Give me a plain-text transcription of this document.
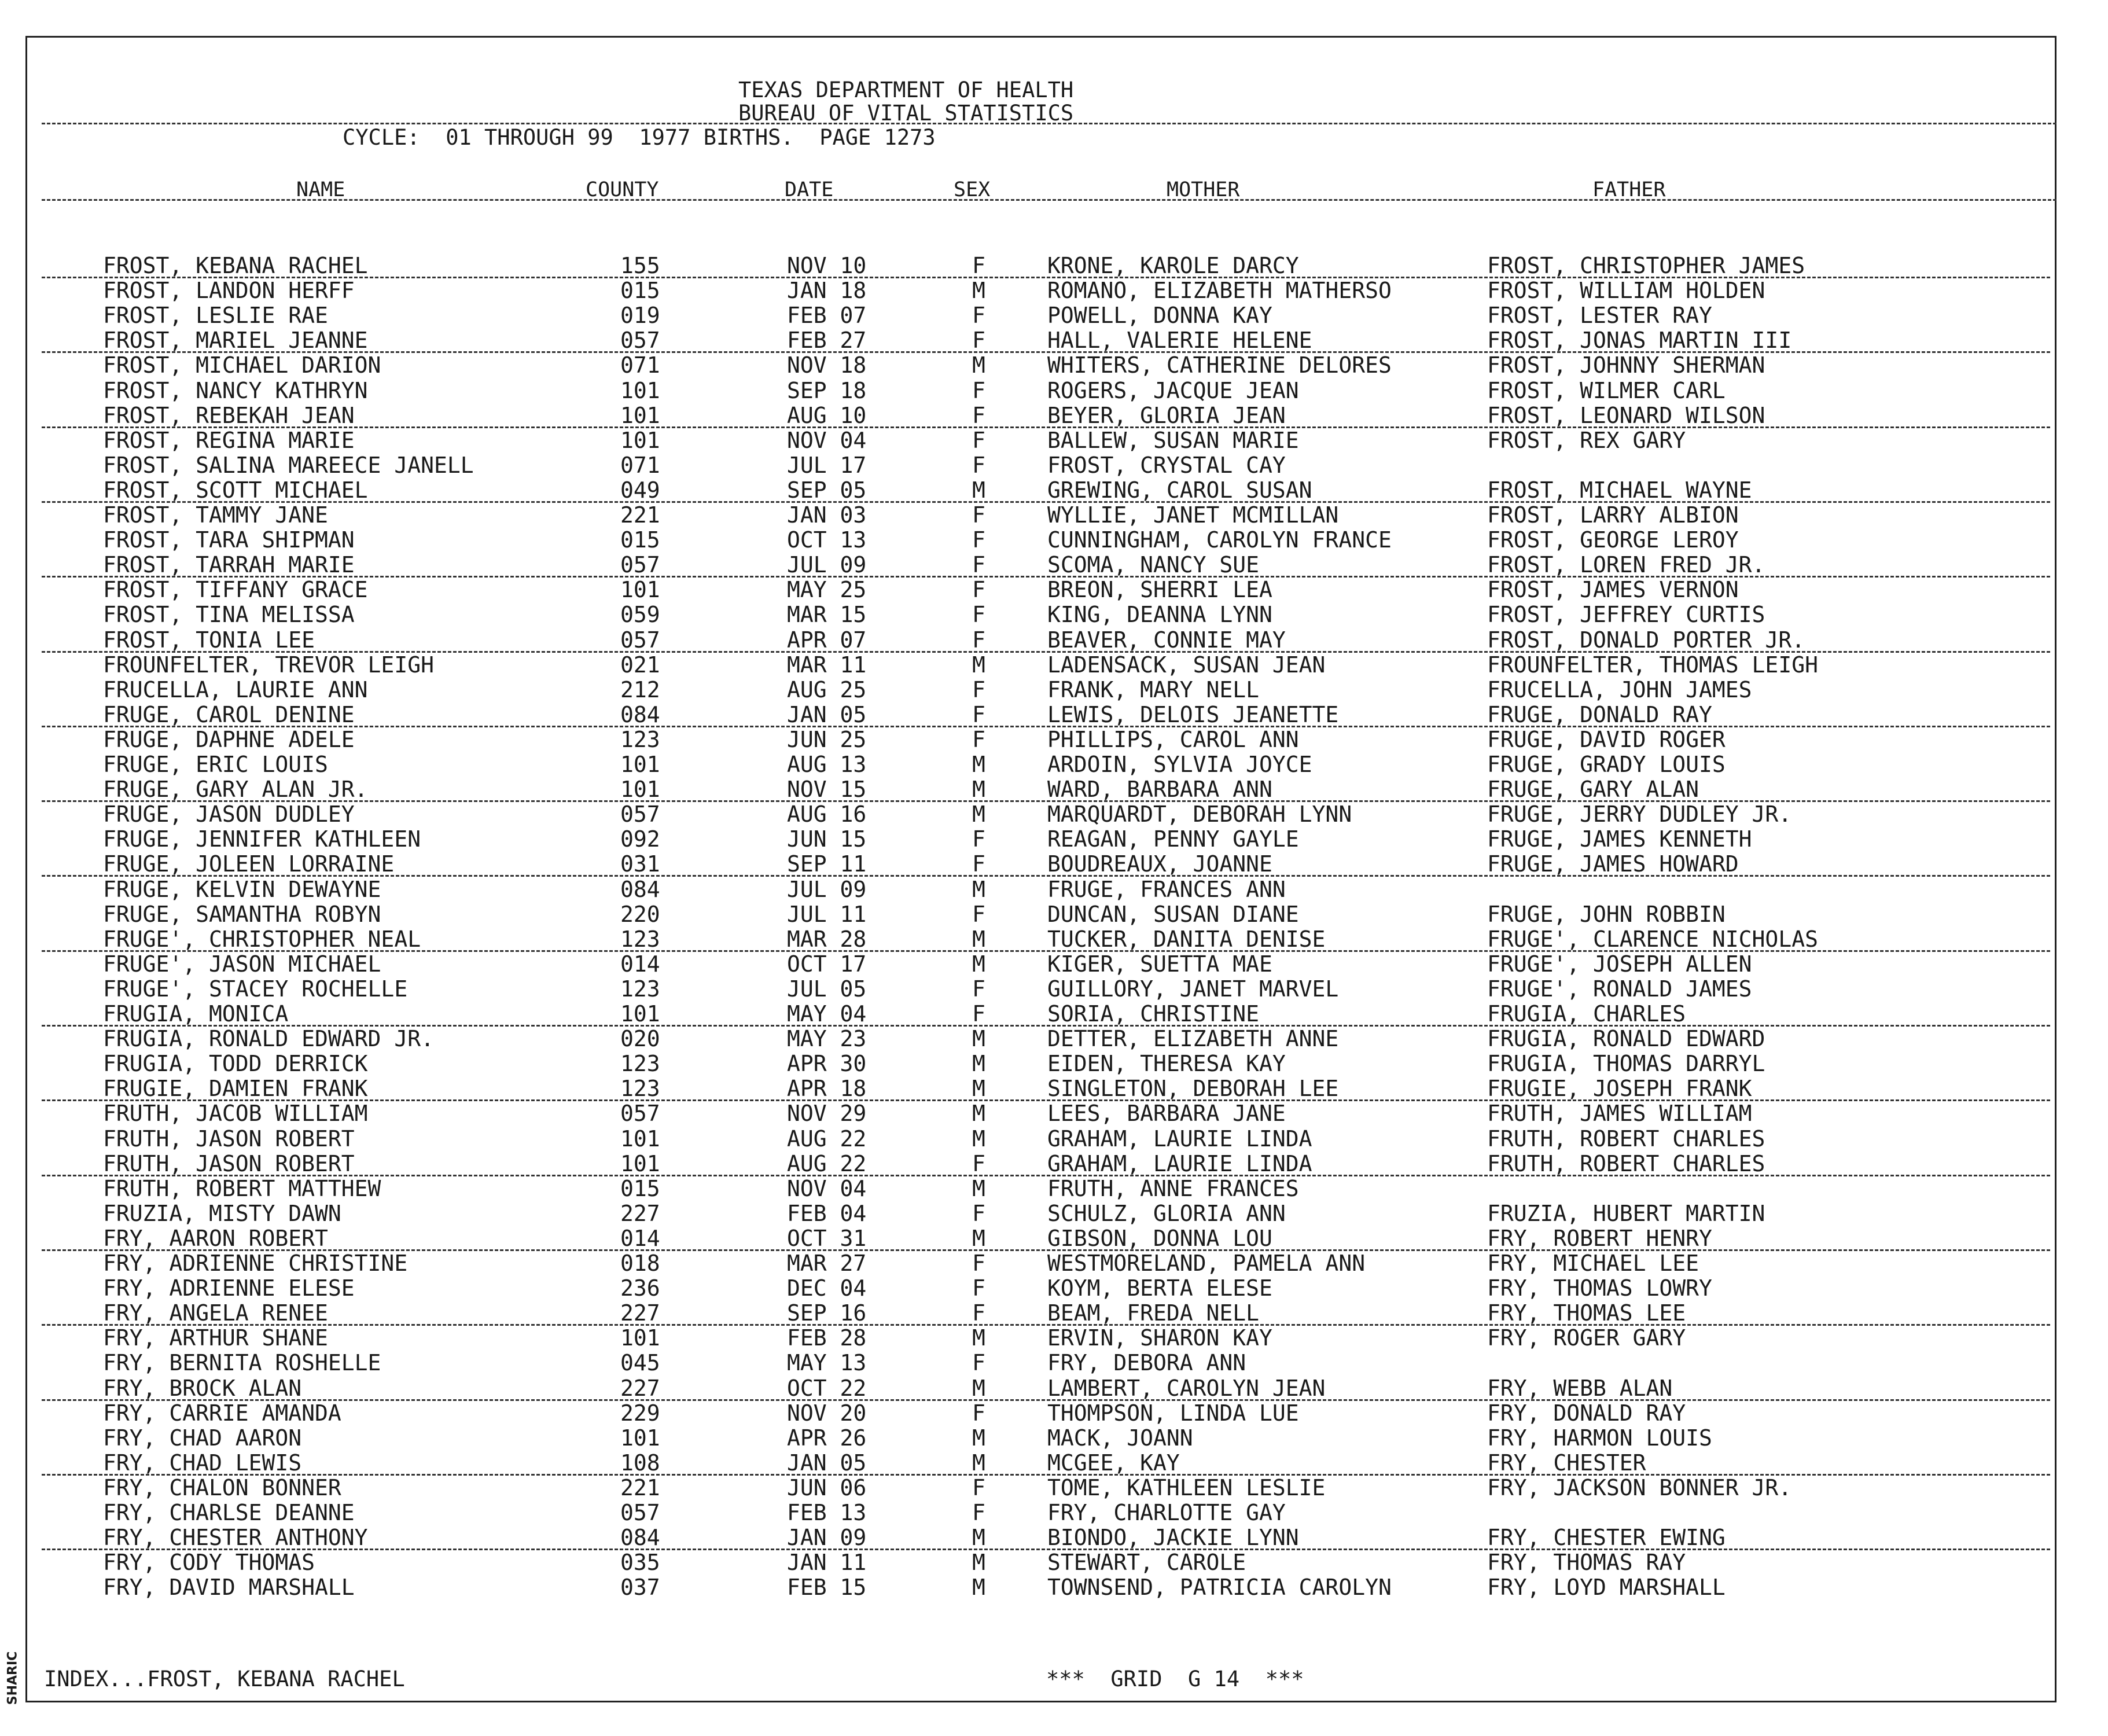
SHARIC
TEXAS DEPARTMENT OF HEALTH
BUREAU OF VITAL STATISTICS
CYCLE:  01 THROUGH 99  1977 BIRTHS.  PAGE 1273
NAME	COUNTY	DATE	SEX	MOTHER	FATHER
FROST, KEBANA RACHEL	155	NOV 10	F	KRONE, KAROLE DARCY	FROST, CHRISTOPHER JAMES
FROST, LANDON HERFF	015	JAN 18	M	ROMANO, ELIZABETH MATHERSO	FROST, WILLIAM HOLDEN
FROST, LESLIE RAE	019	FEB 07	F	POWELL, DONNA KAY	FROST, LESTER RAY
FROST, MARIEL JEANNE	057	FEB 27	F	HALL, VALERIE HELENE	FROST, JONAS MARTIN III
FROST, MICHAEL DARION	071	NOV 18	M	WHITERS, CATHERINE DELORES	FROST, JOHNNY SHERMAN
FROST, NANCY KATHRYN	101	SEP 18	F	ROGERS, JACQUE JEAN	FROST, WILMER CARL
FROST, REBEKAH JEAN	101	AUG 10	F	BEYER, GLORIA JEAN	FROST, LEONARD WILSON
FROST, REGINA MARIE	101	NOV 04	F	BALLEW, SUSAN MARIE	FROST, REX GARY
FROST, SALINA MAREECE JANELL	071	JUL 17	F	FROST, CRYSTAL CAY
FROST, SCOTT MICHAEL	049	SEP 05	M	GREWING, CAROL SUSAN	FROST, MICHAEL WAYNE
FROST, TAMMY JANE	221	JAN 03	F	WYLLIE, JANET MCMILLAN	FROST, LARRY ALBION
FROST, TARA SHIPMAN	015	OCT 13	F	CUNNINGHAM, CAROLYN FRANCE	FROST, GEORGE LEROY
FROST, TARRAH MARIE	057	JUL 09	F	SCOMA, NANCY SUE	FROST, LOREN FRED JR.
FROST, TIFFANY GRACE	101	MAY 25	F	BREON, SHERRI LEA	FROST, JAMES VERNON
FROST, TINA MELISSA	059	MAR 15	F	KING, DEANNA LYNN	FROST, JEFFREY CURTIS
FROST, TONIA LEE	057	APR 07	F	BEAVER, CONNIE MAY	FROST, DONALD PORTER JR.
FROUNFELTER, TREVOR LEIGH	021	MAR 11	M	LADENSACK, SUSAN JEAN	FROUNFELTER, THOMAS LEIGH
FRUCELLA, LAURIE ANN	212	AUG 25	F	FRANK, MARY NELL	FRUCELLA, JOHN JAMES
FRUGE, CAROL DENINE	084	JAN 05	F	LEWIS, DELOIS JEANETTE	FRUGE, DONALD RAY
FRUGE, DAPHNE ADELE	123	JUN 25	F	PHILLIPS, CAROL ANN	FRUGE, DAVID ROGER
FRUGE, ERIC LOUIS	101	AUG 13	M	ARDOIN, SYLVIA JOYCE	FRUGE, GRADY LOUIS
FRUGE, GARY ALAN JR.	101	NOV 15	M	WARD, BARBARA ANN	FRUGE, GARY ALAN
FRUGE, JASON DUDLEY	057	AUG 16	M	MARQUARDT, DEBORAH LYNN	FRUGE, JERRY DUDLEY JR.
FRUGE, JENNIFER KATHLEEN	092	JUN 15	F	REAGAN, PENNY GAYLE	FRUGE, JAMES KENNETH
FRUGE, JOLEEN LORRAINE	031	SEP 11	F	BOUDREAUX, JOANNE	FRUGE, JAMES HOWARD
FRUGE, KELVIN DEWAYNE	084	JUL 09	M	FRUGE, FRANCES ANN
FRUGE, SAMANTHA ROBYN	220	JUL 11	F	DUNCAN, SUSAN DIANE	FRUGE, JOHN ROBBIN
FRUGE', CHRISTOPHER NEAL	123	MAR 28	M	TUCKER, DANITA DENISE	FRUGE', CLARENCE NICHOLAS
FRUGE', JASON MICHAEL	014	OCT 17	M	KIGER, SUETTA MAE	FRUGE', JOSEPH ALLEN
FRUGE', STACEY ROCHELLE	123	JUL 05	F	GUILLORY, JANET MARVEL	FRUGE', RONALD JAMES
FRUGIA, MONICA	101	MAY 04	F	SORIA, CHRISTINE	FRUGIA, CHARLES
FRUGIA, RONALD EDWARD JR.	020	MAY 23	M	DETTER, ELIZABETH ANNE	FRUGIA, RONALD EDWARD
FRUGIA, TODD DERRICK	123	APR 30	M	EIDEN, THERESA KAY	FRUGIA, THOMAS DARRYL
FRUGIE, DAMIEN FRANK	123	APR 18	M	SINGLETON, DEBORAH LEE	FRUGIE, JOSEPH FRANK
FRUTH, JACOB WILLIAM	057	NOV 29	M	LEES, BARBARA JANE	FRUTH, JAMES WILLIAM
FRUTH, JASON ROBERT	101	AUG 22	M	GRAHAM, LAURIE LINDA	FRUTH, ROBERT CHARLES
FRUTH, JASON ROBERT	101	AUG 22	F	GRAHAM, LAURIE LINDA	FRUTH, ROBERT CHARLES
FRUTH, ROBERT MATTHEW	015	NOV 04	M	FRUTH, ANNE FRANCES
FRUZIA, MISTY DAWN	227	FEB 04	F	SCHULZ, GLORIA ANN	FRUZIA, HUBERT MARTIN
FRY, AARON ROBERT	014	OCT 31	M	GIBSON, DONNA LOU	FRY, ROBERT HENRY
FRY, ADRIENNE CHRISTINE	018	MAR 27	F	WESTMORELAND, PAMELA ANN	FRY, MICHAEL LEE
FRY, ADRIENNE ELESE	236	DEC 04	F	KOYM, BERTA ELESE	FRY, THOMAS LOWRY
FRY, ANGELA RENEE	227	SEP 16	F	BEAM, FREDA NELL	FRY, THOMAS LEE
FRY, ARTHUR SHANE	101	FEB 28	M	ERVIN, SHARON KAY	FRY, ROGER GARY
FRY, BERNITA ROSHELLE	045	MAY 13	F	FRY, DEBORA ANN
FRY, BROCK ALAN	227	OCT 22	M	LAMBERT, CAROLYN JEAN	FRY, WEBB ALAN
FRY, CARRIE AMANDA	229	NOV 20	F	THOMPSON, LINDA LUE	FRY, DONALD RAY
FRY, CHAD AARON	101	APR 26	M	MACK, JOANN	FRY, HARMON LOUIS
FRY, CHAD LEWIS	108	JAN 05	M	MCGEE, KAY	FRY, CHESTER
FRY, CHALON BONNER	221	JUN 06	F	TOME, KATHLEEN LESLIE	FRY, JACKSON BONNER JR.
FRY, CHARLSE DEANNE	057	FEB 13	F	FRY, CHARLOTTE GAY
FRY, CHESTER ANTHONY	084	JAN 09	M	BIONDO, JACKIE LYNN	FRY, CHESTER EWING
FRY, CODY THOMAS	035	JAN 11	M	STEWART, CAROLE	FRY, THOMAS RAY
FRY, DAVID MARSHALL	037	FEB 15	M	TOWNSEND, PATRICIA CAROLYN	FRY, LOYD MARSHALL
INDEX...FROST, KEBANA RACHEL	***  GRID  G 14  ***
